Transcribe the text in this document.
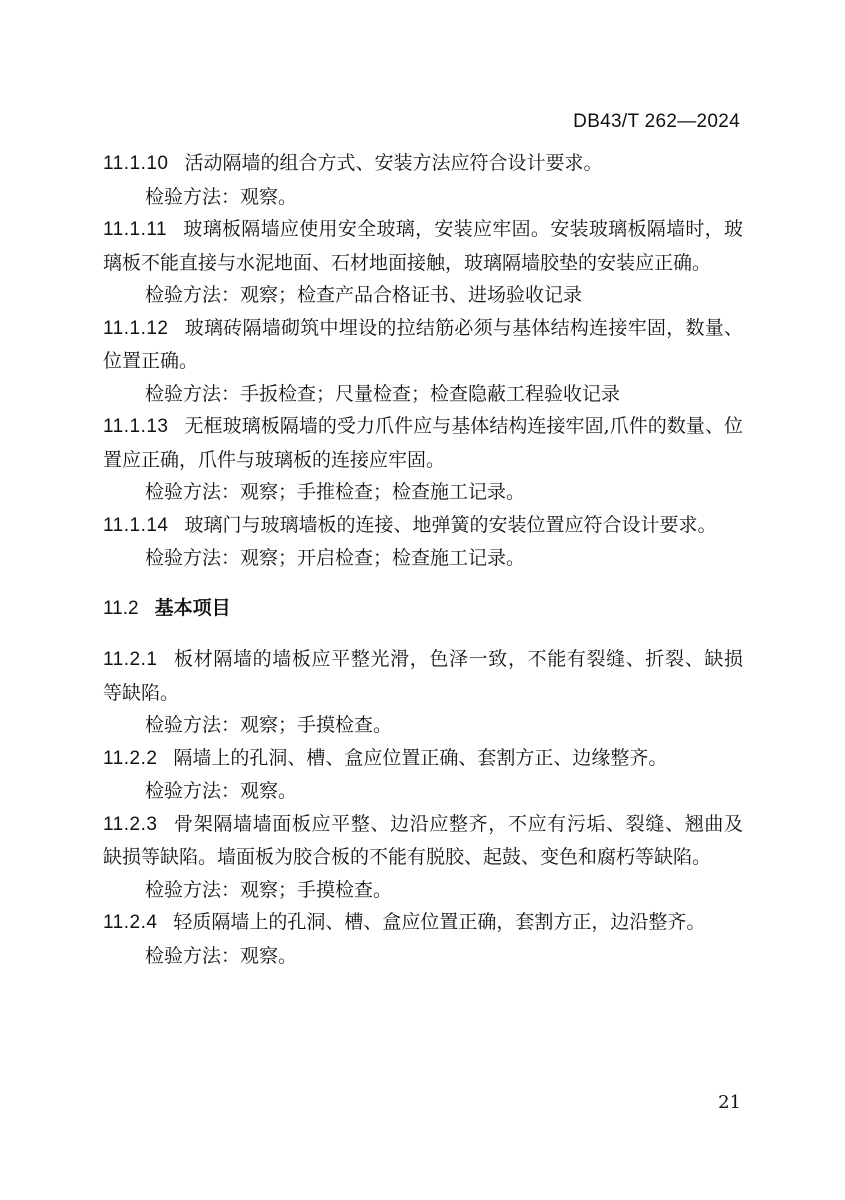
DB43/T 262—2024

11.1.10 活动隔墙的组合方式、安装方法应符合设计要求。

检验方法：观察。

11.1.11 玻璃板隔墙应使用安全玻璃，安装应牢固。安装玻璃板隔墙时，玻璃板不能直接与水泥地面、石材地面接触，玻璃隔墙胶垫的安装应正确。

检验方法：观察；检查产品合格证书、进场验收记录

11.1.12 玻璃砖隔墙砌筑中埋设的拉结筋必须与基体结构连接牢固，数量、位置正确。

检验方法：手扳检查；尺量检查；检查隐蔽工程验收记录

11.1.13 无框玻璃板隔墙的受力爪件应与基体结构连接牢固,爪件的数量、位置应正确，爪件与玻璃板的连接应牢固。

检验方法：观察；手推检查；检查施工记录。

11.1.14 玻璃门与玻璃墙板的连接、地弹簧的安装位置应符合设计要求。

检验方法：观察；开启检查；检查施工记录。

11.2 基本项目

11.2.1 板材隔墙的墙板应平整光滑，色泽一致，不能有裂缝、折裂、缺损等缺陷。

检验方法：观察；手摸检查。

11.2.2 隔墙上的孔洞、槽、盒应位置正确、套割方正、边缘整齐。

检验方法：观察。

11.2.3 骨架隔墙墙面板应平整、边沿应整齐，不应有污垢、裂缝、翘曲及缺损等缺陷。墙面板为胶合板的不能有脱胶、起鼓、变色和腐朽等缺陷。

检验方法：观察；手摸检查。

11.2.4 轻质隔墙上的孔洞、槽、盒应位置正确，套割方正，边沿整齐。

检验方法：观察。

21
